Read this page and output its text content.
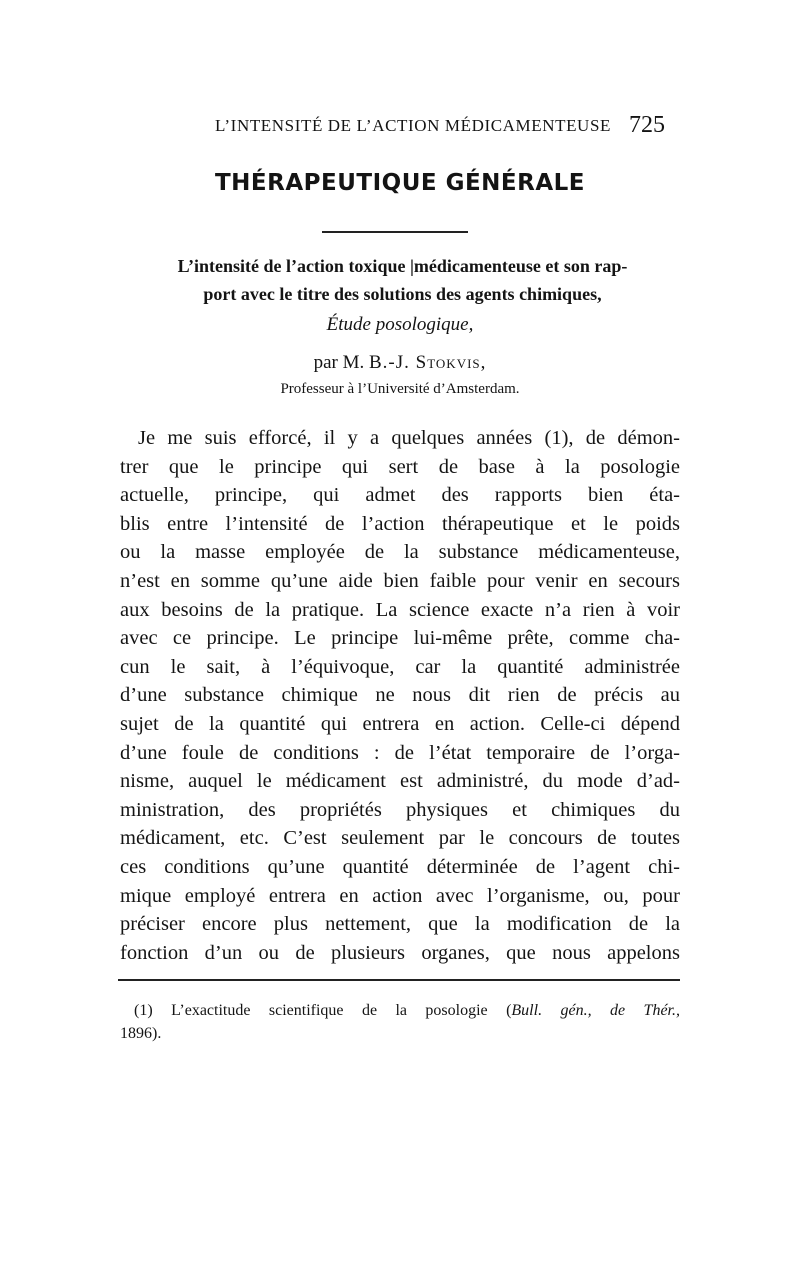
L’INTENSITÉ DE L’ACTION MÉDICAMENTEUSE 725
THÉRAPEUTIQUE GÉNÉRALE
L’intensité de l’action toxique |médicamenteuse et son rap-
port avec le titre des solutions des agents chimiques,
Étude posologique,
par M. B.-J. Stokvis,
Professeur à l’Université d’Amsterdam.
Je me suis efforcé, il y a quelques années (1), de démon-
trer que le principe qui sert de base à la posologie
actuelle, principe, qui admet des rapports bien éta-
blis entre l’intensité de l’action thérapeutique et le poids
ou la masse employée de la substance médicamenteuse,
n’est en somme qu’une aide bien faible pour venir en secours
aux besoins de la pratique. La science exacte n’a rien à voir
avec ce principe. Le principe lui-même prête, comme cha-
cun le sait, à l’équivoque, car la quantité administrée
d’une substance chimique ne nous dit rien de précis au
sujet de la quantité qui entrera en action. Celle-ci dépend
d’une foule de conditions : de l’état temporaire de l’orga-
nisme, auquel le médicament est administré, du mode d’ad-
ministration, des propriétés physiques et chimiques du
médicament, etc. C’est seulement par le concours de toutes
ces conditions qu’une quantité déterminée de l’agent chi-
mique employé entrera en action avec l’organisme, ou, pour
préciser encore plus nettement, que la modification de la
fonction d’un ou de plusieurs organes, que nous appelons
(1) L’exactitude scientifique de la posologie (Bull. gén., de Thér.,
1896).
